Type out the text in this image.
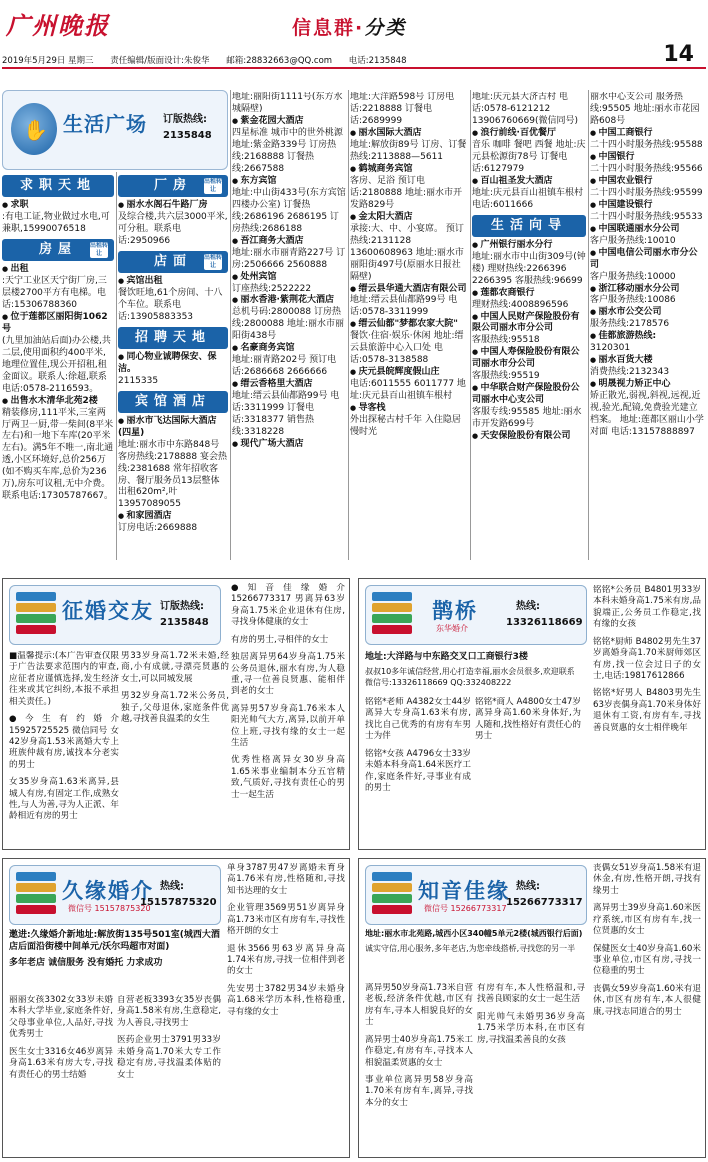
广州晚报	信息群·分类
14
2019年5月29日 星期三 责任编辑/版面设计:朱俊华 邮箱:28832663@QQ.com 电话:2135848
✋
生活广场 订版热线:
2135848
求职天地

● 求职
:有电工证,物业做过水电,可兼职,15990076518

房屋 出租转让

● 出租
:天宁工业区天宁街厂房,三层楼2700平方有电梯。电话:15306788360

● 位于莲都区丽阳街1062号
(九里加油站后面)办公楼,共二层,使用面积约400平米,地理位置佳,现公开招租,租金面议。联系人:徐超,联系电话:0578-2116593。

● 出售水木清华北苑2楼
精装修房,111平米,三室两厅两卫一厨,带一柴间(8平米左右)和一地下车库(20平米左右)。满5年不唯一,南北通透,小区环境好,总价256万(如不购买车库,总价为236万),房东可议租,无中介费。联系电话:17305787667。

厂房 出租转让

● 丽水水阁石牛路厂房
及综合楼,共六层3000平米,可分租。联系电话:2950966

店面 出租转让

● 宾馆出租
餐饮旺地,61个房间、十八个车位。联系电话:13905883353

招聘天地

● 同心物业诚聘保安、保洁。
2115335

宾馆酒店

● 丽水市飞达国际大酒店(四星)
地址:丽水市中东路848号 客房热线:2178888 宴会热线:2381688 常年招收客房、餐厅服务员13层整体出租620m²,叶13957089055

● 和家园酒店
订房电话:2669888

地址:丽阳街1111号(东方水城隔壁)

● 紫金花园大酒店
四星标准 城市中的世外桃源 地址:紫金路339号 订房热线:2168888 订餐热线:2667588

● 东方宾馆
地址:中山街433号(东方宾馆四楼办公室) 订餐热线:2686196 2686195 订房热线:2686188

● 吾江商务大酒店
地址:丽水市丽青路227号 订房:2506666 2560888

● 处州宾馆
订座热线:2522222

● 丽水香港·紫荆花大酒店
总机号码:2800088 订房热线:2800088 地址:丽水市丽阳街438号

● 名豪商务宾馆
地址:丽青路202号 预订电话:2686668 2666666

● 缙云香格里大酒店
地址:缙云县仙都路99号 电话:3311999 订餐电话:3318377 销售热线:3318228

● 现代广场大酒店

地址:大洋路598号 订房电话:2218888 订餐电话:2689999

● 丽水国际大酒店
地址:解放街89号 订房、订餐热线:2113888—5611

● 鹤城商务宾馆
客房、足浴 预订电话:2180888 地址:丽水市开发路829号

● 金太阳大酒店
承接:大、中、小宴席。 预订热线:2131128 13600608963 地址:丽水市丽阳街497号(原丽水日报社隔壁)

● 缙云县华通大酒店有限公司
地址:缙云县仙都路99号 电话:0578-3311999

● 缙云仙都"梦都农家大院"
餐饮·住宿·娱乐·休闲 地址:缙云县旅游中心入口处 电话:0578-3138588

● 庆元县皖辉度假山庄
电话:6011555 6011777 地址:庆元县百山祖镇车根村

● 导客栈
外出探秘古村千年 入住隐居慢时光

地址:庆元县大济古村 电话:0578-6121212 13906760669(微信同号)

● 浪行前线·百优餐厅
音乐 咖啡 餐吧 西餐 地址:庆元县松源街78号 订餐电话:6127979

● 百山祖圣发大酒店
地址:庆元县百山祖镇车根村 电话:6011666

生活向导

● 广州银行丽水分行
地址:丽水市中山街309号(钟楼) 理财热线:2266396 2266395 客服热线:96699

● 莲都农商银行
理财热线:4008896596

● 中国人民财产保险股份有限公司丽水市分公司
客服热线:95518

● 中国人寿保险股份有限公司丽水市分公司
客服热线:95519

● 中华联合财产保险股份公司丽水中心支公司
客服专线:95585 地址:丽水市开发路699号

● 天安保险股份有限公司

丽水中心支公司 服务热线:95505 地址:丽水市花园路608号

● 中国工商银行
二十四小时服务热线:95588

● 中国银行
二十四小时服务热线:95566

● 中国农业银行
二十四小时服务热线:95599

● 中国建设银行
二十四小时服务热线:95533

● 中国联通丽水分公司
客户服务热线:10010

● 中国电信公司丽水市分公司
客户服务热线:10000

● 浙江移动丽水分公司
客户服务热线:10086

● 丽水市公交公司
服务热线:2178576

● 佳都旅游热线:
3120301

● 丽水百货大楼
消费热线:2132343

● 明晟视力矫正中心
矫正散光,弱视,斜视,远视,近视,验光,配镜,免费验光建立档案。 地址:莲都区丽山小学对面 电话:13157888897

征婚交友 订版热线:
2135848

■温馨提示:(本广告审查仅限于广告法要求范围内的审查,应征者应谨慎选择,发生经济往来或其它纠纷,本报不承担相关责任。)

●今生有约婚介 15925725525 微信同号 女42岁身高1.53米离婚大专上班族仲裁有房,诚找本分老实的男士

女35岁身高1.63米离异,县城人有房,有固定工作,成熟女性,与人为善,寻为人正派、年龄相近有房的男士

男33岁身高1.72米未婚,经商,小有成就,寻漂亮贤惠的女士,可以同城发展

男32岁身高1.72米公务员,独子,父母退休,家庭条件优越,寻找善良温柔的女生

●知音佳缘婚介 15266773317 男离异63岁身高1.75米企业退休有住房,寻找身体健康的女士

有房的男士,寻相伴的女士

独居离异男64岁身高1.75米公务员退休,丽水有房,为人稳重,寻一位善良贤惠、能相伴到老的女士

离异男57岁身高1.76米本人阳光帅气大方,离异,以前开单位上班,寻找有缘的女士一起生活

优秀性格离异女30岁身高1.65米事业编制本分五官精致,气质好,寻找有责任心的男士一起生活

鹊桥
东华婚介
热线:
13326118669
地址:大洋路与中东路交叉口工商银行3楼
叔叔10多年诚信经营,用心打造幸福,丽水会员很多,欢迎联系 微信号:13326118669 QQ:332408222

铭铭*老师 A4382女士44岁离异大专身高1.63米有房,找比自己优秀的有房有车男士为伴

铭铭*女孩 A4796女士33岁未婚本科身高1.64米医疗工作,家庭条件好,寻事业有成的男士

铭铭*商人 A4800女士47岁离异身高1.60米身体好,为人随和,找性格好有责任心的男士

铭铭*公务员 B4801男33岁本科未婚身高1.75米有房,品貌端正,公务员工作稳定,找有缘的女孩

铭铭*厨师 B4802男先生37岁离婚身高1.70米厨师郊区有房,找一位会过日子的女士,电话:19817612866

铭铭*好男人 B4803男先生63岁丧偶身高1.70米身体好退休有工资,有房有车,寻找善良贤惠的女士相伴晚年

久缘婚介
微信号 15157875320
热线:
15157875320
邀进:久缘婚介新地址:解放街135号501室(城西大酒店后面沿街楼中间单元/沃尔玛超市对面)
多年老店 诚信服务 没有婚托 力求成功

丽丽女孩3302女33岁未婚本科大学毕业,家庭条件好,父母事业单位,人品好,寻找优秀男士

医生女士3316女46岁离异身高1.63米有房大专,寻找有责任心的男士结婚

自营老板3393女35岁丧偶身高1.58米有房,生意稳定,为人善良,寻找男士

医药企业男士3791男33岁未婚身高1.70米大专工作稳定有房,寻找温柔体贴的女士

单身3787男47岁离婚未育身高1.76米有房,性格随和,寻找知书达理的女士

企业管理3569男51岁离异身高1.73米市区有房有车,寻找性格开朗的女士

退休3566男63岁离异身高1.74米有房,寻找一位相伴到老的女士

先安男士3782男34岁未婚身高1.68米学历本科,性格稳重,寻有缘的女士

知音佳缘
微信号 15266773317
热线:
15266773317
地址:丽水市北苑路,城西小区340幢5单元2楼(城西银行后面)
诚实守信,用心服务,多年老店,为您牵线搭桥,寻找您的另一半

离异男50岁身高1.73米自营老板,经济条件优越,市区有房有车,寻本人相貌良好的女士

离异男士40岁身高1.75米工作稳定,有房有车,寻找本人相貌温柔贤惠的女士

事业单位离异男58岁身高1.70米有房有车,离异,寻找本分的女士

有房有车,本人性格温和,寻找善良顾家的女士一起生活

阳光帅气未婚男36岁身高1.75米学历本科,在市区有房,寻找温柔善良的女孩

丧偶女51岁身高1.58米有退休金,有房,性格开朗,寻找有缘男士

离异男士39岁身高1.60米医疗系统,市区有房有车,找一位贤惠的女士

保健医女士40岁身高1.60米事业单位,市区有房,寻找一位稳重的男士

丧偶女59岁身高1.60米有退休,市区有房有车,本人很健康,寻找志同道合的男士
